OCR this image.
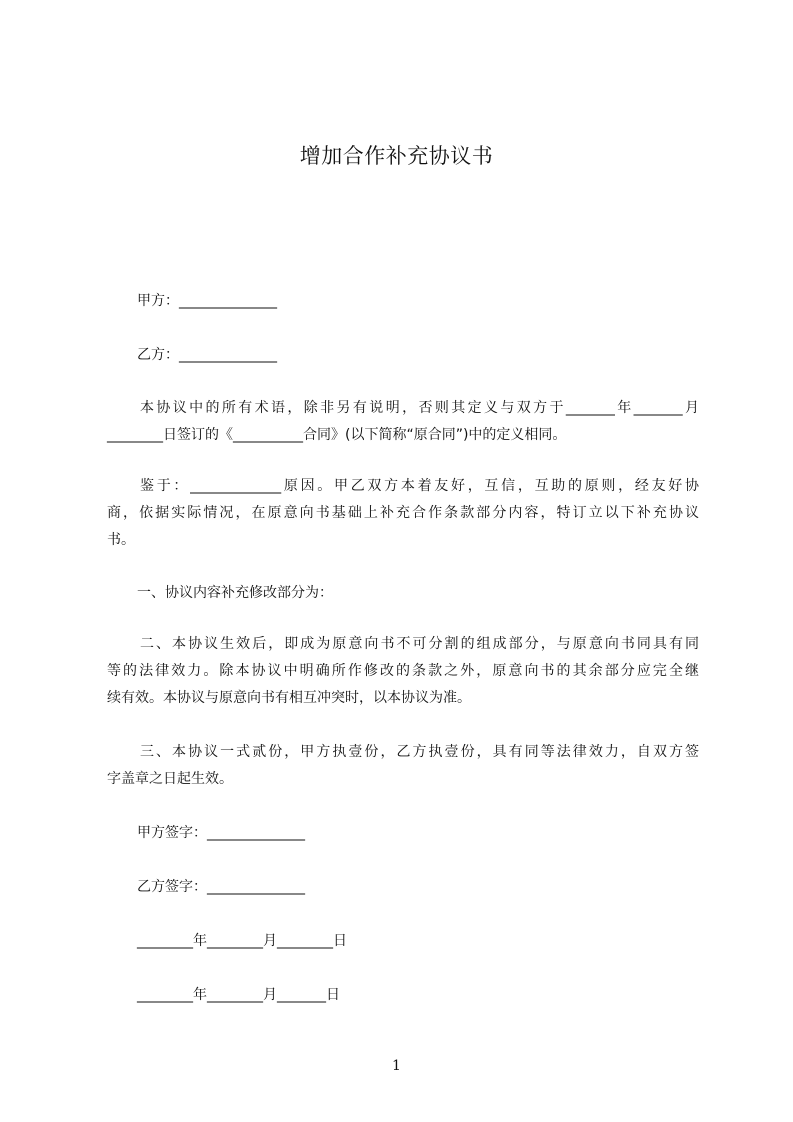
增加合作补充协议书
甲方：______________
乙方：______________
本协议中的所有术语，除非另有说明，否则其定义与双方于_______年_______月
________日签订的《__________合同》(以下简称“原合同”)中的定义相同。
鉴于：_____________原因。甲乙双方本着友好，互信，互助的原则，经友好协
商，依据实际情况，在原意向书基础上补充合作条款部分内容，特订立以下补充协议
书。
一、协议内容补充修改部分为：
二、本协议生效后，即成为原意向书不可分割的组成部分，与原意向书同具有同
等的法律效力。除本协议中明确所作修改的条款之外，原意向书的其余部分应完全继
续有效。本协议与原意向书有相互冲突时，以本协议为准。
三、本协议一式贰份，甲方执壹份，乙方执壹份，具有同等法律效力，自双方签
字盖章之日起生效。
甲方签字：______________
乙方签字：______________
________年________月________日
________年________月_______日
1
